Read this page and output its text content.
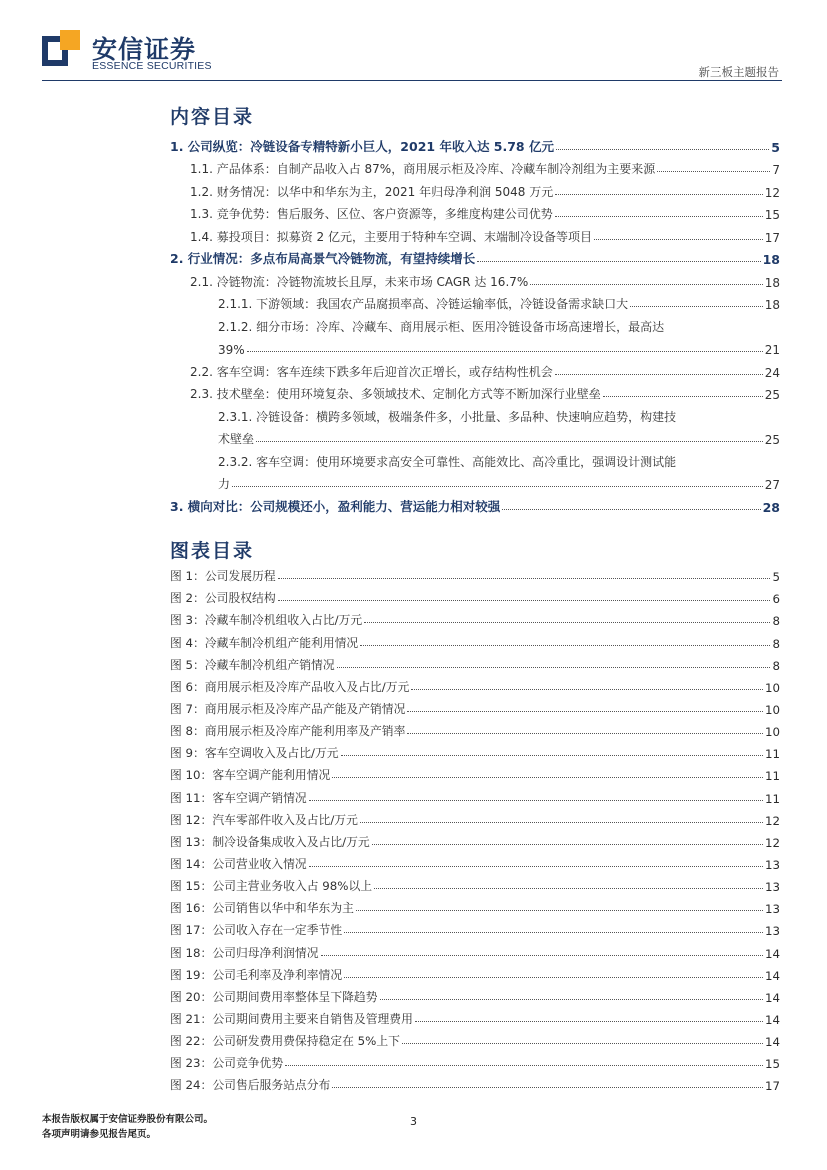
安信证券
ESSENCE SECURITIES	新三板主题报告
内容目录
1. 公司纵览：冷链设备专精特新小巨人，2021 年收入达 5.78 亿元	5
1.1. 产品体系：自制产品收入占 87%，商用展示柜及冷库、冷藏车制冷剂组为主要来源	7
1.2. 财务情况：以华中和华东为主，2021 年归母净利润 5048 万元	12
1.3. 竞争优势：售后服务、区位、客户资源等，多维度构建公司优势	15
1.4. 募投项目：拟募资 2 亿元，主要用于特种车空调、末端制冷设备等项目	17
2. 行业情况：多点布局高景气冷链物流，有望持续增长	18
2.1. 冷链物流：冷链物流坡长且厚，未来市场 CAGR 达 16.7%	18
2.1.1. 下游领域：我国农产品腐损率高、冷链运输率低，冷链设备需求缺口大	18
2.1.2. 细分市场：冷库、冷藏车、商用展示柜、医用冷链设备市场高速增长，最高达
39%	21
2.2. 客车空调：客车连续下跌多年后迎首次正增长，或存结构性机会	24
2.3. 技术壁垒：使用环境复杂、多领域技术、定制化方式等不断加深行业壁垒	25
2.3.1. 冷链设备：横跨多领域，极端条件多，小批量、多品种、快速响应趋势，构建技
术壁垒	25
2.3.2. 客车空调：使用环境要求高安全可靠性、高能效比、高冷重比，强调设计测试能
力	27
3. 横向对比：公司规模还小，盈利能力、营运能力相对较强	28
图表目录
图 1：公司发展历程	5
图 2：公司股权结构	6
图 3：冷藏车制冷机组收入占比/万元	8
图 4：冷藏车制冷机组产能利用情况	8
图 5：冷藏车制冷机组产销情况	8
图 6：商用展示柜及冷库产品收入及占比/万元	10
图 7：商用展示柜及冷库产品产能及产销情况	10
图 8：商用展示柜及冷库产能利用率及产销率	10
图 9：客车空调收入及占比/万元	11
图 10：客车空调产能利用情况	11
图 11：客车空调产销情况	11
图 12：汽车零部件收入及占比/万元	12
图 13：制冷设备集成收入及占比/万元	12
图 14：公司营业收入情况	13
图 15：公司主营业务收入占 98%以上	13
图 16：公司销售以华中和华东为主	13
图 17：公司收入存在一定季节性	13
图 18：公司归母净利润情况	14
图 19：公司毛利率及净利率情况	14
图 20：公司期间费用率整体呈下降趋势	14
图 21：公司期间费用主要来自销售及管理费用	14
图 22：公司研发费用费保持稳定在 5%上下	14
图 23：公司竞争优势	15
图 24：公司售后服务站点分布	17
本报告版权属于安信证券股份有限公司。
各项声明请参见报告尾页。
3
